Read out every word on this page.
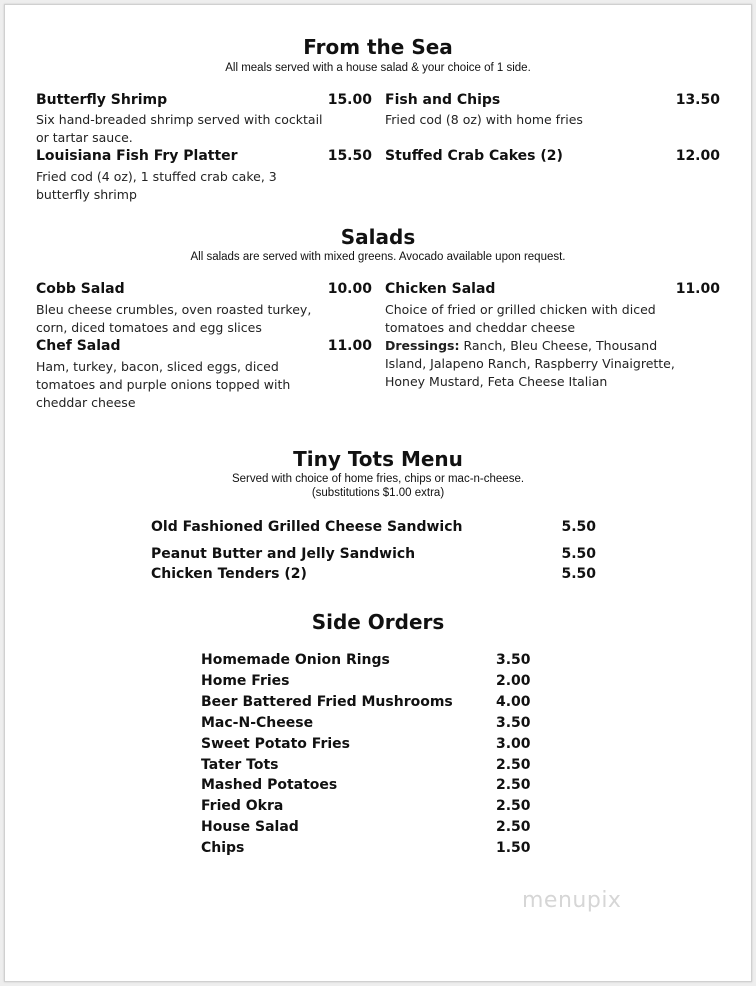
From the Sea
All meals served with a house salad & your choice of 1 side.
Butterfly Shrimp	15.00
Six hand-breaded shrimp served with cocktail or tartar sauce.
Louisiana Fish Fry Platter	15.50
Fried cod (4 oz), 1 stuffed crab cake, 3 butterfly shrimp
Fish and Chips	13.50
Fried cod (8 oz) with home fries
Stuffed Crab Cakes (2)	12.00
Salads
All salads are served with mixed greens. Avocado available upon request.
Cobb Salad	10.00
Bleu cheese crumbles, oven roasted turkey, corn, diced tomatoes and egg slices
Chef Salad	11.00
Ham, turkey, bacon, sliced eggs, diced tomatoes and purple onions topped with cheddar cheese
Chicken Salad	11.00
Choice of fried or grilled chicken with diced tomatoes and cheddar cheese
Dressings: Ranch, Bleu Cheese, Thousand Island, Jalapeno Ranch, Raspberry Vinaigrette, Honey Mustard, Feta Cheese Italian
Tiny Tots Menu
Served with choice of home fries, chips or mac-n-cheese.
(substitutions $1.00 extra)
Old Fashioned Grilled Cheese Sandwich	5.50
Peanut Butter and Jelly Sandwich	5.50
Chicken Tenders (2)	5.50
Side Orders
Homemade Onion Rings	3.50
Home Fries	2.00
Beer Battered Fried Mushrooms	4.00
Mac-N-Cheese	3.50
Sweet Potato Fries	3.00
Tater Tots	2.50
Mashed Potatoes	2.50
Fried Okra	2.50
House Salad	2.50
Chips	1.50
menupix
